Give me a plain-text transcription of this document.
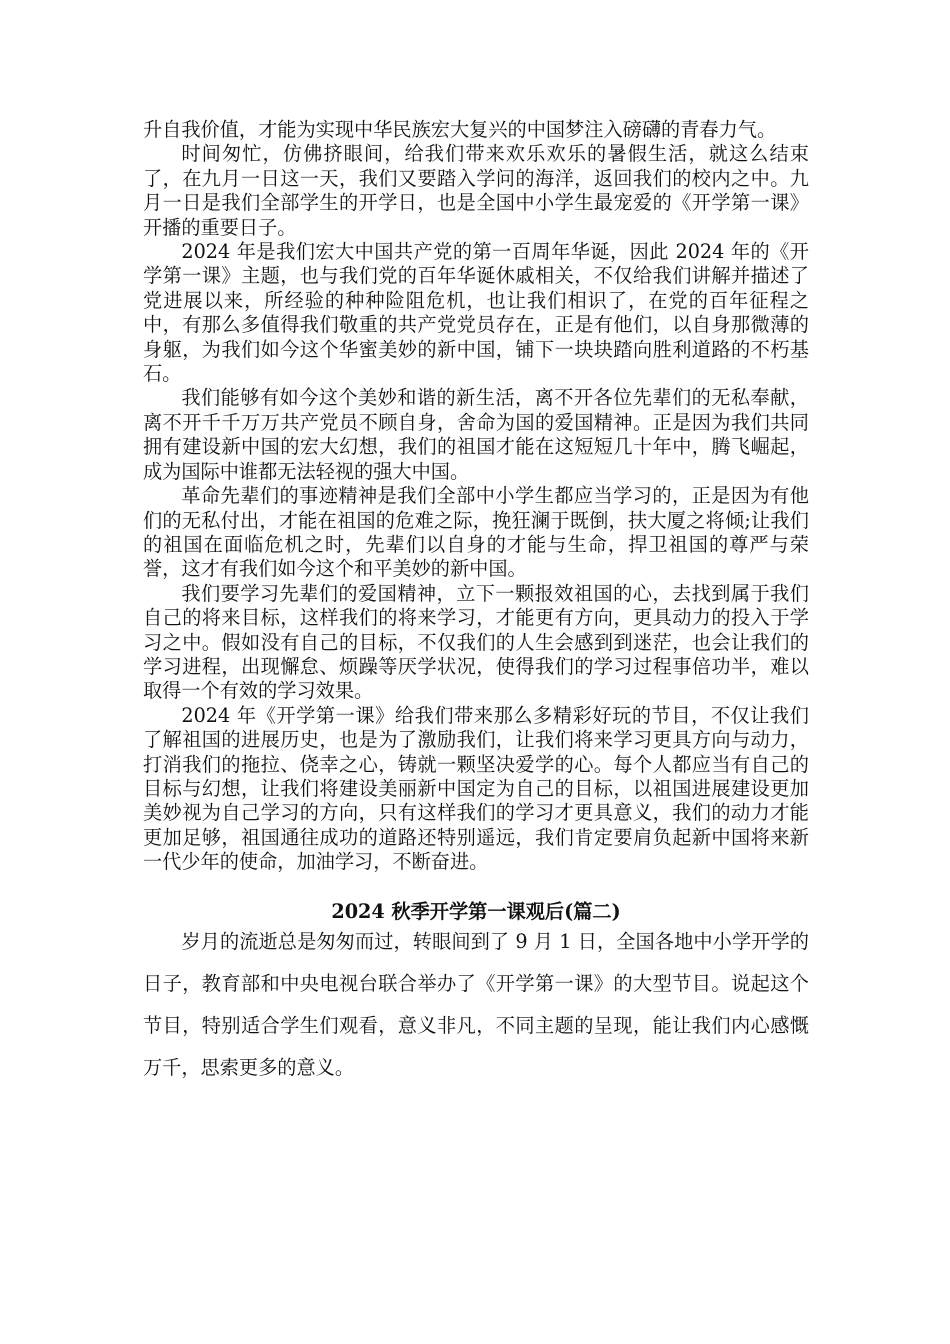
升自我价值，才能为实现中华民族宏大复兴的中国梦注入磅礴的青春力气。

时间匆忙，仿佛挤眼间，给我们带来欢乐欢乐的暑假生活，就这么结束了，在九月一日这一天，我们又要踏入学问的海洋，返回我们的校内之中。九月一日是我们全部学生的开学日，也是全国中小学生最宠爱的《开学第一课》开播的重要日子。

2024 年是我们宏大中国共产党的第一百周年华诞，因此 2024 年的《开学第一课》主题，也与我们党的百年华诞休戚相关，不仅给我们讲解并描述了党进展以来，所经验的种种险阻危机，也让我们相识了，在党的百年征程之中，有那么多值得我们敬重的共产党党员存在，正是有他们，以自身那微薄的身躯，为我们如今这个华蜜美妙的新中国，铺下一块块踏向胜利道路的不朽基石。

我们能够有如今这个美妙和谐的新生活，离不开各位先辈们的无私奉献，离不开千千万万共产党员不顾自身，舍命为国的爱国精神。正是因为我们共同拥有建设新中国的宏大幻想，我们的祖国才能在这短短几十年中，腾飞崛起，成为国际中谁都无法轻视的强大中国。

革命先辈们的事迹精神是我们全部中小学生都应当学习的，正是因为有他们的无私付出，才能在祖国的危难之际，挽狂澜于既倒，扶大厦之将倾;让我们的祖国在面临危机之时，先辈们以自身的才能与生命，捍卫祖国的尊严与荣誉，这才有我们如今这个和平美妙的新中国。

我们要学习先辈们的爱国精神，立下一颗报效祖国的心，去找到属于我们自己的将来目标，这样我们的将来学习，才能更有方向，更具动力的投入于学习之中。假如没有自己的目标，不仅我们的人生会感到到迷茫，也会让我们的学习进程，出现懈怠、烦躁等厌学状况，使得我们的学习过程事倍功半，难以取得一个有效的学习效果。

2024 年《开学第一课》给我们带来那么多精彩好玩的节目，不仅让我们了解祖国的进展历史，也是为了激励我们，让我们将来学习更具方向与动力，打消我们的拖拉、侥幸之心，铸就一颗坚决爱学的心。每个人都应当有自己的目标与幻想，让我们将建设美丽新中国定为自己的目标，以祖国进展建设更加美妙视为自己学习的方向，只有这样我们的学习才更具意义，我们的动力才能更加足够，祖国通往成功的道路还特别遥远，我们肯定要肩负起新中国将来新一代少年的使命，加油学习，不断奋进。

2024 秋季开学第一课观后(篇二)

岁月的流逝总是匆匆而过，转眼间到了 9 月 1 日，全国各地中小学开学的日子，教育部和中央电视台联合举办了《开学第一课》的大型节目。说起这个节目，特别适合学生们观看，意义非凡，不同主题的呈现，能让我们内心感慨万千，思索更多的意义。
